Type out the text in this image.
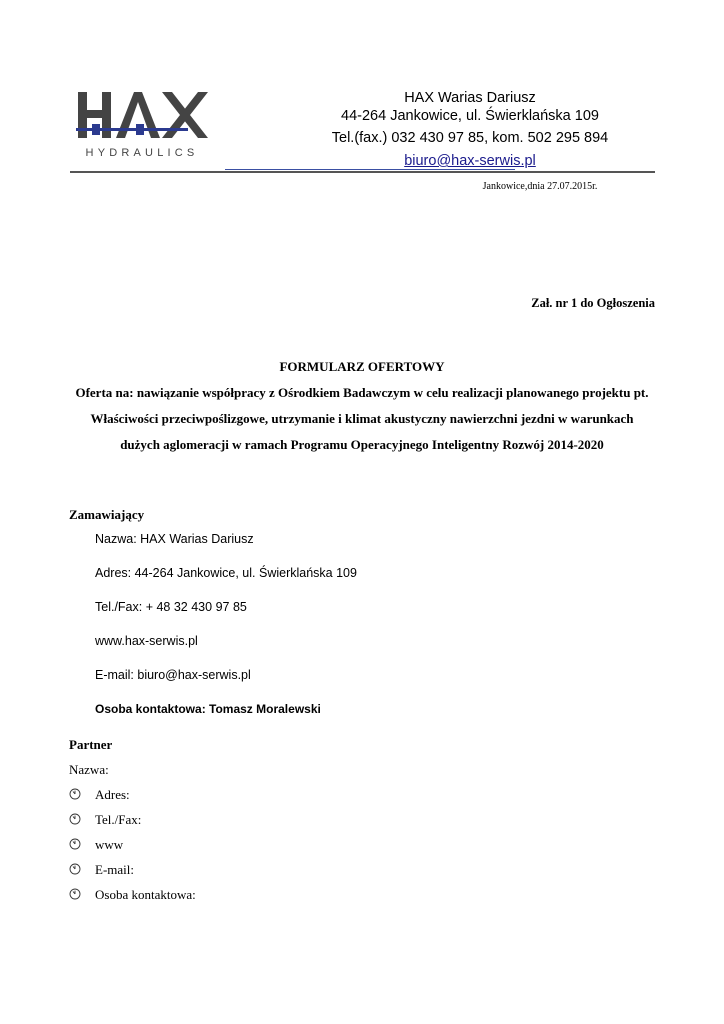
HYDRAULICS
HAX Warias Dariusz
44-264 Jankowice, ul. Świerklańska 109
Tel.(fax.) 032 430 97 85, kom. 502 295 894
biuro@hax-serwis.pl
Jankowice,dnia 27.07.2015r.
Zał. nr 1 do Ogłoszenia
FORMULARZ OFERTOWY
Oferta na: nawiązanie współpracy z Ośrodkiem Badawczym w celu realizacji planowanego projektu pt. Właściwości przeciwpoślizgowe, utrzymanie i klimat akustyczny nawierzchni jezdni w warunkach dużych aglomeracji w ramach Programu Operacyjnego Inteligentny Rozwój 2014-2020
Zamawiający
Nazwa: HAX Warias Dariusz
Adres: 44-264 Jankowice, ul. Świerklańska 109
Tel./Fax: + 48 32 430 97 85
www.hax-serwis.pl
E-mail: biuro@hax-serwis.pl
Osoba kontaktowa: Tomasz Moralewski
Partner
Nazwa:
Adres:
Tel./Fax:
www
E-mail:
Osoba kontaktowa:
